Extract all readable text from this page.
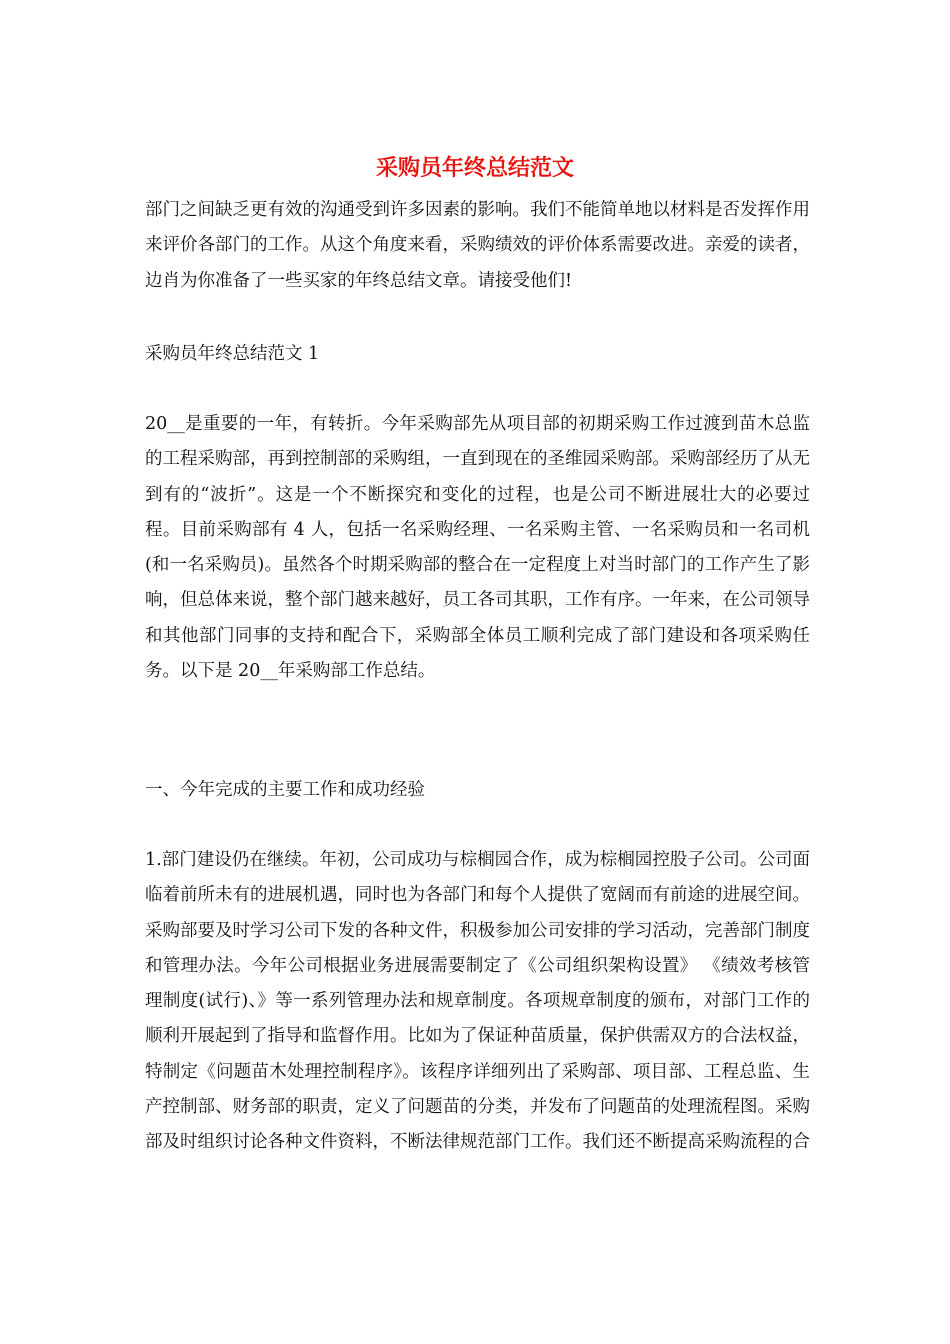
采购员年终总结范文

部门之间缺乏更有效的沟通受到许多因素的影响。我们不能简单地以材料是否发挥作用来评价各部门的工作。从这个角度来看，采购绩效的评价体系需要改进。亲爱的读者，边肖为你准备了一些买家的年终总结文章。请接受他们!

采购员年终总结范文 1

20__是重要的一年，有转折。今年采购部先从项目部的初期采购工作过渡到苗木总监的工程采购部，再到控制部的采购组，一直到现在的圣维园采购部。采购部经历了从无到有的“波折”。这是一个不断探究和变化的过程，也是公司不断进展壮大的必要过程。目前采购部有 4 人，包括一名采购经理、一名采购主管、一名采购员和一名司机(和一名采购员)。虽然各个时期采购部的整合在一定程度上对当时部门的工作产生了影响，但总体来说，整个部门越来越好，员工各司其职，工作有序。一年来，在公司领导和其他部门同事的支持和配合下，采购部全体员工顺利完成了部门建设和各项采购任务。以下是 20__年采购部工作总结。

一、今年完成的主要工作和成功经验

1.部门建设仍在继续。年初，公司成功与棕榈园合作，成为棕榈园控股子公司。公司面临着前所未有的进展机遇，同时也为各部门和每个人提供了宽阔而有前途的进展空间。采购部要及时学习公司下发的各种文件，积极参加公司安排的学习活动，完善部门制度和管理办法。今年公司根据业务进展需要制定了《公司组织架构设置》 《绩效考核管理制度(试行)、》等一系列管理办法和规章制度。各项规章制度的颁布，对部门工作的顺利开展起到了指导和监督作用。比如为了保证种苗质量，保护供需双方的合法权益，特制定《问题苗木处理控制程序》。该程序详细列出了采购部、项目部、工程总监、生产控制部、财务部的职责，定义了问题苗的分类，并发布了问题苗的处理流程图。采购部及时组织讨论各种文件资料，不断法律规范部门工作。我们还不断提高采购流程的合
